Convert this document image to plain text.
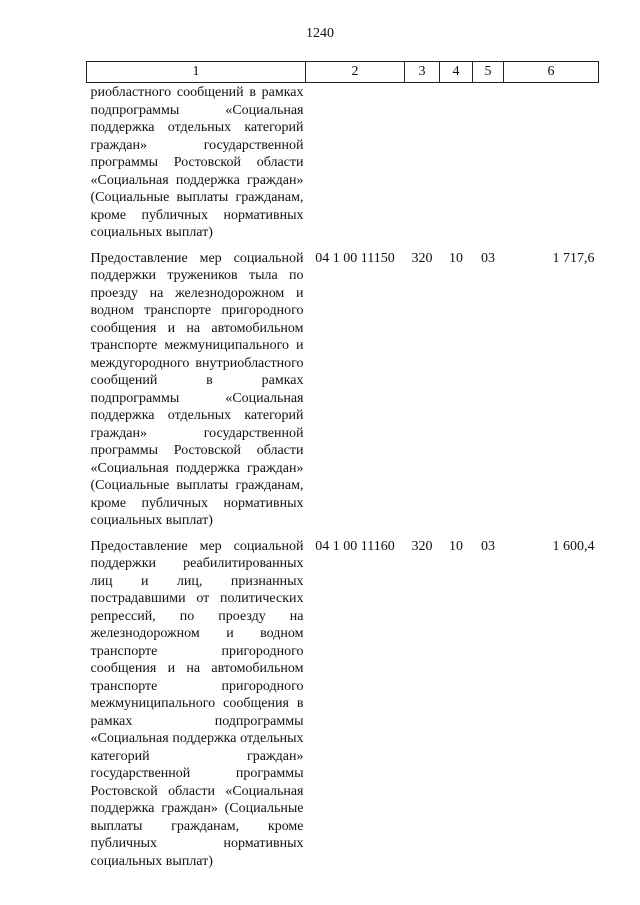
1240
1	2	3	4	5	6
риобластного сообщений в рамках подпрограммы «Социальная поддержка отдельных категорий граждан» государственной программы Ростовской области «Социальная поддержка граждан» (Социальные выплаты гражданам, кроме публичных нормативных социальных выплат)					

Предоставление мер социальной поддержки тружеников тыла по проезду на железнодорожном и водном транспорте пригородного сообщения и на автомобильном транспорте межмуниципального и междугородного внутриобластного сообщений в рамках подпрограммы «Социальная поддержка отдельных категорий граждан» государственной программы Ростовской области «Социальная поддержка граждан» (Социальные выплаты гражданам, кроме публичных нормативных социальных выплат)	04 1 00 11150	320	10	03	1 717,6

Предоставление мер социальной поддержки реабилитированных лиц и лиц, признанных пострадавшими от политических репрессий, по проезду на железнодорожном и водном транспорте пригородного сообщения и на автомобильном транспорте пригородного межмуниципального сообщения в рамках подпрограммы «Социальная поддержка отдельных категорий граждан» государственной программы Ростовской области «Социальная поддержка граждан» (Социальные выплаты гражданам, кроме публичных нормативных социальных выплат)	04 1 00 11160	320	10	03	1 600,4
